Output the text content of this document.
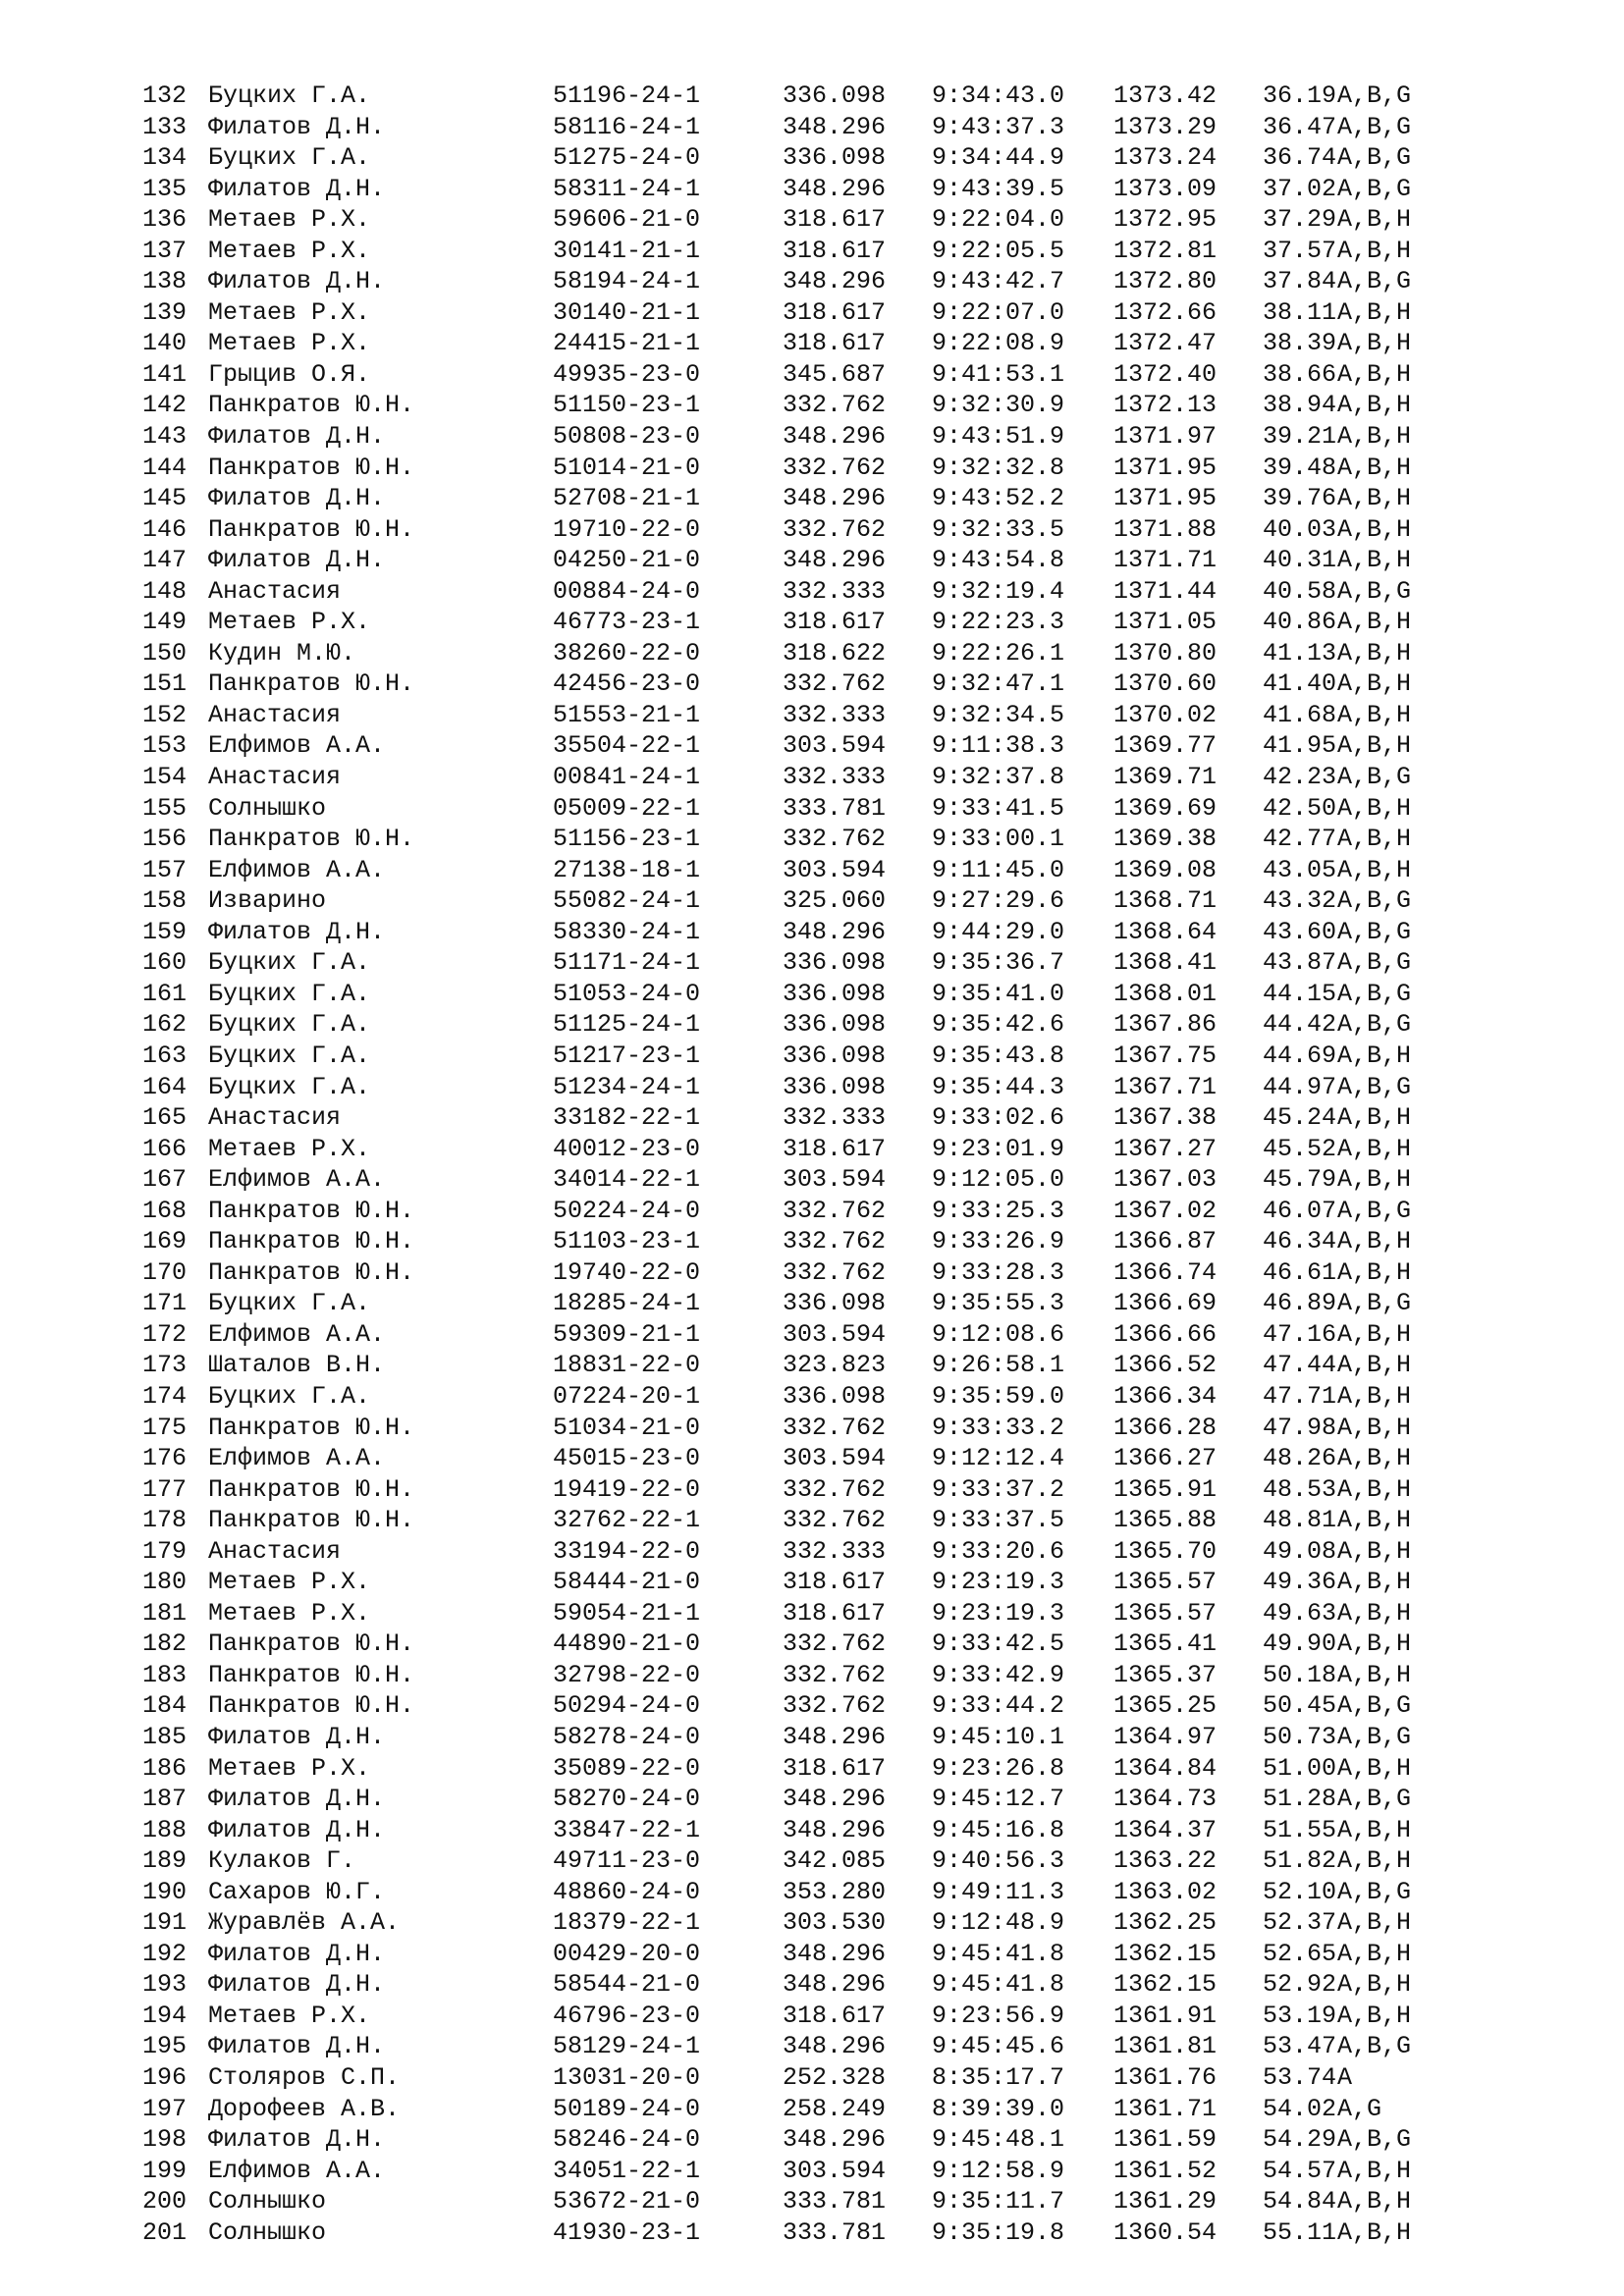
132 Буцких Г.А.	51196-24-1	336.098 9:34:43.0 1373.42 36.19 A,B,G
133 Филатов Д.Н.	58116-24-1	348.296 9:43:37.3 1373.29 36.47 A,B,G
134 Буцких Г.А.	51275-24-0	336.098 9:34:44.9 1373.24 36.74 A,B,G
135 Филатов Д.Н.	58311-24-1	348.296 9:43:39.5 1373.09 37.02 A,B,G
136 Метаев Р.Х.	59606-21-0	318.617 9:22:04.0 1372.95 37.29 A,B,H
137 Метаев Р.Х.	30141-21-1	318.617 9:22:05.5 1372.81 37.57 A,B,H
138 Филатов Д.Н.	58194-24-1	348.296 9:43:42.7 1372.80 37.84 A,B,G
139 Метаев Р.Х.	30140-21-1	318.617 9:22:07.0 1372.66 38.11 A,B,H
140 Метаев Р.Х.	24415-21-1	318.617 9:22:08.9 1372.47 38.39 A,B,H
141 Грыцив О.Я.	49935-23-0	345.687 9:41:53.1 1372.40 38.66 A,B,H
142 Панкратов Ю.Н.	51150-23-1	332.762 9:32:30.9 1372.13 38.94 A,B,H
143 Филатов Д.Н.	50808-23-0	348.296 9:43:51.9 1371.97 39.21 A,B,H
144 Панкратов Ю.Н.	51014-21-0	332.762 9:32:32.8 1371.95 39.48 A,B,H
145 Филатов Д.Н.	52708-21-1	348.296 9:43:52.2 1371.95 39.76 A,B,H
146 Панкратов Ю.Н.	19710-22-0	332.762 9:32:33.5 1371.88 40.03 A,B,H
147 Филатов Д.Н.	04250-21-0	348.296 9:43:54.8 1371.71 40.31 A,B,H
148 Анастасия	00884-24-0	332.333 9:32:19.4 1371.44 40.58 A,B,G
149 Метаев Р.Х.	46773-23-1	318.617 9:22:23.3 1371.05 40.86 A,B,H
150 Кудин М.Ю.	38260-22-0	318.622 9:22:26.1 1370.80 41.13 A,B,H
151 Панкратов Ю.Н.	42456-23-0	332.762 9:32:47.1 1370.60 41.40 A,B,H
152 Анастасия	51553-21-1	332.333 9:32:34.5 1370.02 41.68 A,B,H
153 Елфимов А.А.	35504-22-1	303.594 9:11:38.3 1369.77 41.95 A,B,H
154 Анастасия	00841-24-1	332.333 9:32:37.8 1369.71 42.23 A,B,G
155 Солнышко	05009-22-1	333.781 9:33:41.5 1369.69 42.50 A,B,H
156 Панкратов Ю.Н.	51156-23-1	332.762 9:33:00.1 1369.38 42.77 A,B,H
157 Елфимов А.А.	27138-18-1	303.594 9:11:45.0 1369.08 43.05 A,B,H
158 Изварино	55082-24-1	325.060 9:27:29.6 1368.71 43.32 A,B,G
159 Филатов Д.Н.	58330-24-1	348.296 9:44:29.0 1368.64 43.60 A,B,G
160 Буцких Г.А.	51171-24-1	336.098 9:35:36.7 1368.41 43.87 A,B,G
161 Буцких Г.А.	51053-24-0	336.098 9:35:41.0 1368.01 44.15 A,B,G
162 Буцких Г.А.	51125-24-1	336.098 9:35:42.6 1367.86 44.42 A,B,G
163 Буцких Г.А.	51217-23-1	336.098 9:35:43.8 1367.75 44.69 A,B,H
164 Буцких Г.А.	51234-24-1	336.098 9:35:44.3 1367.71 44.97 A,B,G
165 Анастасия	33182-22-1	332.333 9:33:02.6 1367.38 45.24 A,B,H
166 Метаев Р.Х.	40012-23-0	318.617 9:23:01.9 1367.27 45.52 A,B,H
167 Елфимов А.А.	34014-22-1	303.594 9:12:05.0 1367.03 45.79 A,B,H
168 Панкратов Ю.Н.	50224-24-0	332.762 9:33:25.3 1367.02 46.07 A,B,G
169 Панкратов Ю.Н.	51103-23-1	332.762 9:33:26.9 1366.87 46.34 A,B,H
170 Панкратов Ю.Н.	19740-22-0	332.762 9:33:28.3 1366.74 46.61 A,B,H
171 Буцких Г.А.	18285-24-1	336.098 9:35:55.3 1366.69 46.89 A,B,G
172 Елфимов А.А.	59309-21-1	303.594 9:12:08.6 1366.66 47.16 A,B,H
173 Шаталов В.Н.	18831-22-0	323.823 9:26:58.1 1366.52 47.44 A,B,H
174 Буцких Г.А.	07224-20-1	336.098 9:35:59.0 1366.34 47.71 A,B,H
175 Панкратов Ю.Н.	51034-21-0	332.762 9:33:33.2 1366.28 47.98 A,B,H
176 Елфимов А.А.	45015-23-0	303.594 9:12:12.4 1366.27 48.26 A,B,H
177 Панкратов Ю.Н.	19419-22-0	332.762 9:33:37.2 1365.91 48.53 A,B,H
178 Панкратов Ю.Н.	32762-22-1	332.762 9:33:37.5 1365.88 48.81 A,B,H
179 Анастасия	33194-22-0	332.333 9:33:20.6 1365.70 49.08 A,B,H
180 Метаев Р.Х.	58444-21-0	318.617 9:23:19.3 1365.57 49.36 A,B,H
181 Метаев Р.Х.	59054-21-1	318.617 9:23:19.3 1365.57 49.63 A,B,H
182 Панкратов Ю.Н.	44890-21-0	332.762 9:33:42.5 1365.41 49.90 A,B,H
183 Панкратов Ю.Н.	32798-22-0	332.762 9:33:42.9 1365.37 50.18 A,B,H
184 Панкратов Ю.Н.	50294-24-0	332.762 9:33:44.2 1365.25 50.45 A,B,G
185 Филатов Д.Н.	58278-24-0	348.296 9:45:10.1 1364.97 50.73 A,B,G
186 Метаев Р.Х.	35089-22-0	318.617 9:23:26.8 1364.84 51.00 A,B,H
187 Филатов Д.Н.	58270-24-0	348.296 9:45:12.7 1364.73 51.28 A,B,G
188 Филатов Д.Н.	33847-22-1	348.296 9:45:16.8 1364.37 51.55 A,B,H
189 Кулаков Г.	49711-23-0	342.085 9:40:56.3 1363.22 51.82 A,B,H
190 Сахаров Ю.Г.	48860-24-0	353.280 9:49:11.3 1363.02 52.10 A,B,G
191 Журавлёв А.А.	18379-22-1	303.530 9:12:48.9 1362.25 52.37 A,B,H
192 Филатов Д.Н.	00429-20-0	348.296 9:45:41.8 1362.15 52.65 A,B,H
193 Филатов Д.Н.	58544-21-0	348.296 9:45:41.8 1362.15 52.92 A,B,H
194 Метаев Р.Х.	46796-23-0	318.617 9:23:56.9 1361.91 53.19 A,B,H
195 Филатов Д.Н.	58129-24-1	348.296 9:45:45.6 1361.81 53.47 A,B,G
196 Столяров С.П.	13031-20-0	252.328 8:35:17.7 1361.76 53.74 A
197 Дорофеев А.В.	50189-24-0	258.249 8:39:39.0 1361.71 54.02 A,G
198 Филатов Д.Н.	58246-24-0	348.296 9:45:48.1 1361.59 54.29 A,B,G
199 Елфимов А.А.	34051-22-1	303.594 9:12:58.9 1361.52 54.57 A,B,H
200 Солнышко	53672-21-0	333.781 9:35:11.7 1361.29 54.84 A,B,H
201 Солнышко	41930-23-1	333.781 9:35:19.8 1360.54 55.11 A,B,H
